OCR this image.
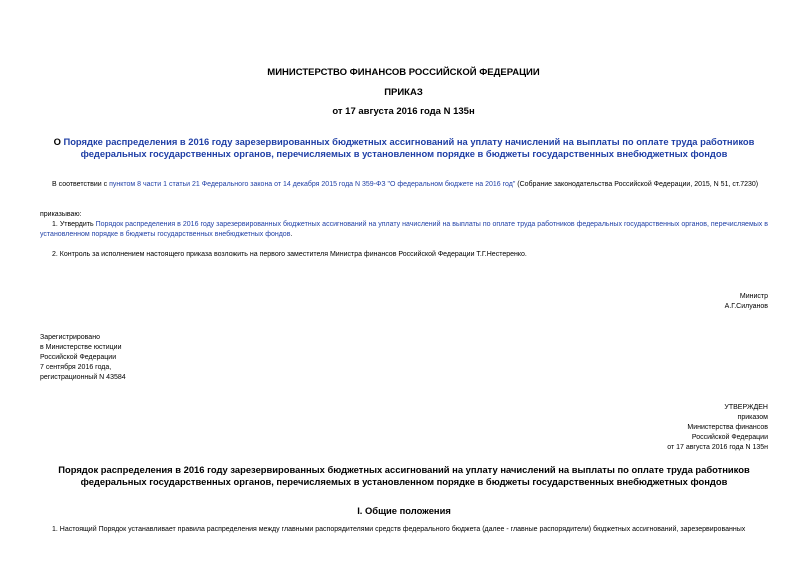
МИНИСТЕРСТВО ФИНАНСОВ РОССИЙСКОЙ ФЕДЕРАЦИИ
ПРИКАЗ
от 17 августа 2016 года N 135н
О Порядке распределения в 2016 году зарезервированных бюджетных ассигнований на уплату начислений на выплаты по оплате труда работников федеральных государственных органов, перечисляемых в установленном порядке в бюджеты государственных внебюджетных фондов
В соответствии с пунктом 8 части 1 статьи 21 Федерального закона от 14 декабря 2015 года N 359-ФЗ "О федеральном бюджете на 2016 год" (Собрание законодательства Российской Федерации, 2015, N 51, ст.7230)
приказываю:
1. Утвердить Порядок распределения в 2016 году зарезервированных бюджетных ассигнований на уплату начислений на выплаты по оплате труда работников федеральных государственных органов, перечисляемых в установленном порядке в бюджеты государственных внебюджетных фондов.
2. Контроль за исполнением настоящего приказа возложить на первого заместителя Министра финансов Российской Федерации Т.Г.Нестеренко.
Министр
А.Г.Силуанов
Зарегистрировано
в Министерстве юстиции
Российской Федерации
7 сентября 2016 года,
регистрационный N 43584
УТВЕРЖДЕН
приказом
Министерства финансов
Российской Федерации
от 17 августа 2016 года N 135н
Порядок распределения в 2016 году зарезервированных бюджетных ассигнований на уплату начислений на выплаты по оплате труда работников федеральных государственных органов, перечисляемых в установленном порядке в бюджеты государственных внебюджетных фондов
I. Общие положения
1. Настоящий Порядок устанавливает правила распределения между главными распорядителями средств федерального бюджета (далее - главные распорядители) бюджетных ассигнований, зарезервированных
